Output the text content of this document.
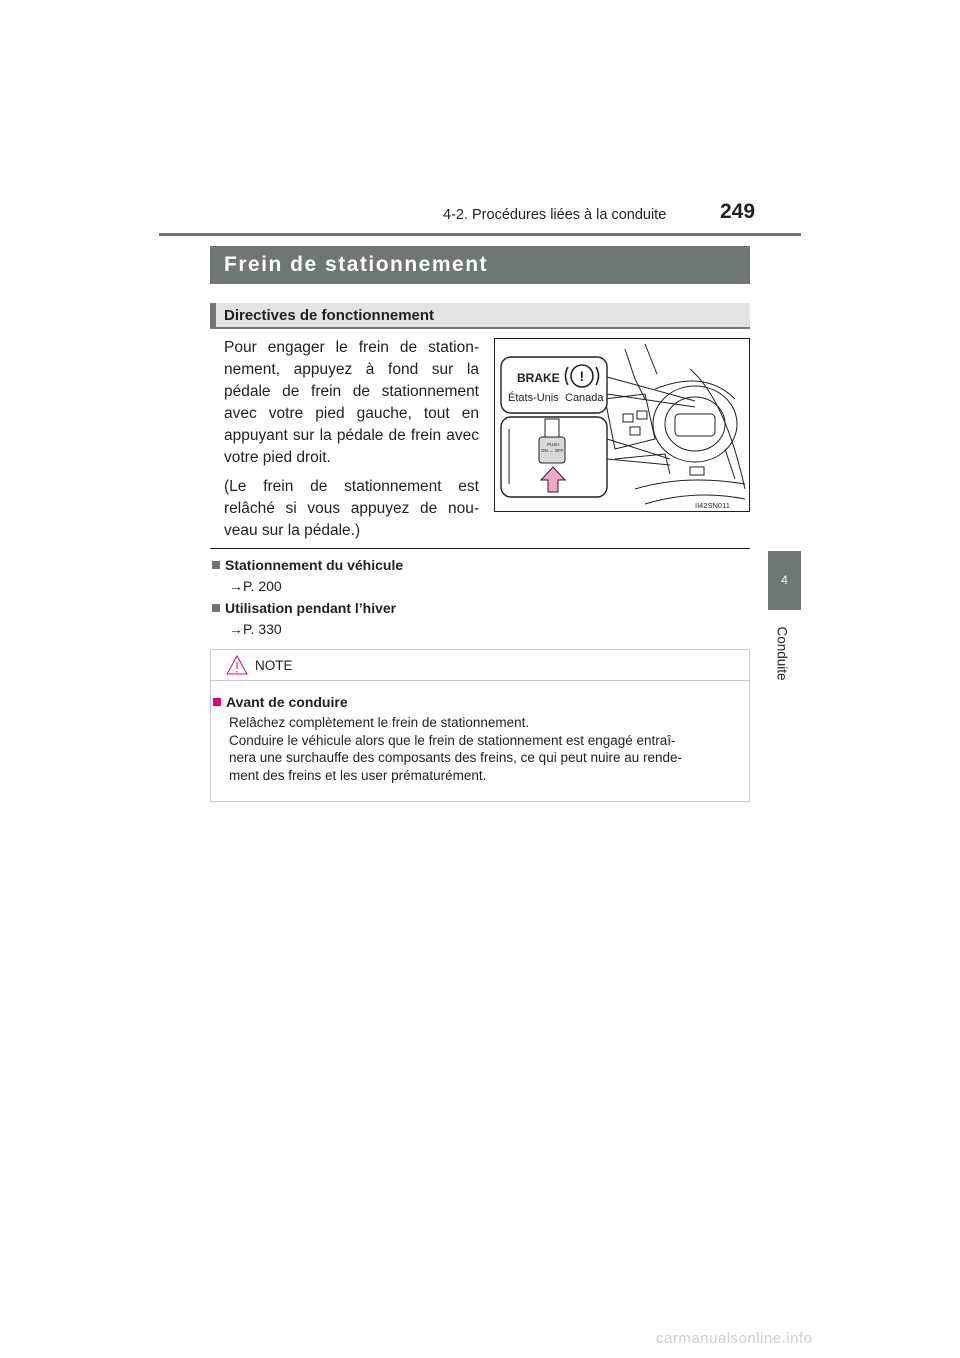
4-2. Procédures liées à la conduite	249
4
Conduite
Frein de stationnement
Directives de fonctionnement

Pour engager le frein de station-nement, appuyez à fond sur la pédale de frein de stationnement avec votre pied gauche, tout en appuyant sur la pédale de frein avec votre pied droit.

(Le frein de stationnement est relâché si vous appuyez de nou-veau sur la pédale.)

BRAKE !
États-Unis Canada
PUSH
ON ↔ OFF
II42SN011
Stationnement du véhicule
→P. 200
Utilisation pendant l’hiver
→P. 330
NOTE
Avant de conduire
Relâchez complètement le frein de stationnement.
Conduire le véhicule alors que le frein de stationnement est engagé entraî-
nera une surchauffe des composants des freins, ce qui peut nuire au rende-
ment des freins et les user prématurément.
carmanualsonline.info
